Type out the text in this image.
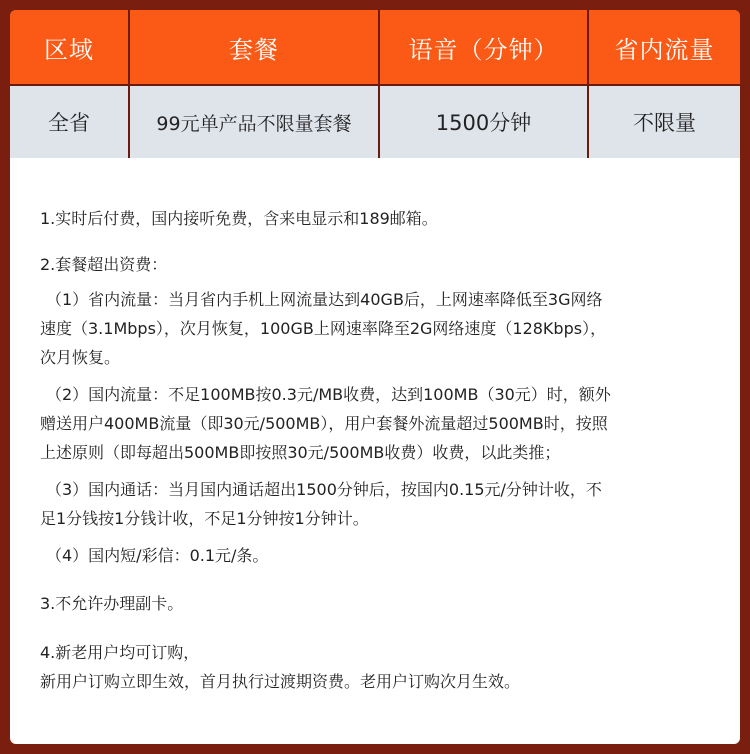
区域	套餐	语音（分钟）	省内流量
全省	99元单产品不限量套餐	1500分钟	不限量
1.实时后付费，国内接听免费，含来电显示和189邮箱。
2.套餐超出资费：
（1）省内流量：当月省内手机上网流量达到40GB后，上网速率降低至3G网络
速度（3.1Mbps），次月恢复，100GB上网速率降至2G网络速度（128Kbps），
次月恢复。
（2）国内流量：不足100MB按0.3元/MB收费，达到100MB（30元）时，额外
赠送用户400MB流量（即30元/500MB），用户套餐外流量超过500MB时，按照
上述原则（即每超出500MB即按照30元/500MB收费）收费，以此类推；
（3）国内通话：当月国内通话超出1500分钟后，按国内0.15元/分钟计收，不
足1分钱按1分钱计收，不足1分钟按1分钟计。
（4）国内短/彩信：0.1元/条。
3.不允许办理副卡。
4.新老用户均可订购，
新用户订购立即生效，首月执行过渡期资费。老用户订购次月生效。
